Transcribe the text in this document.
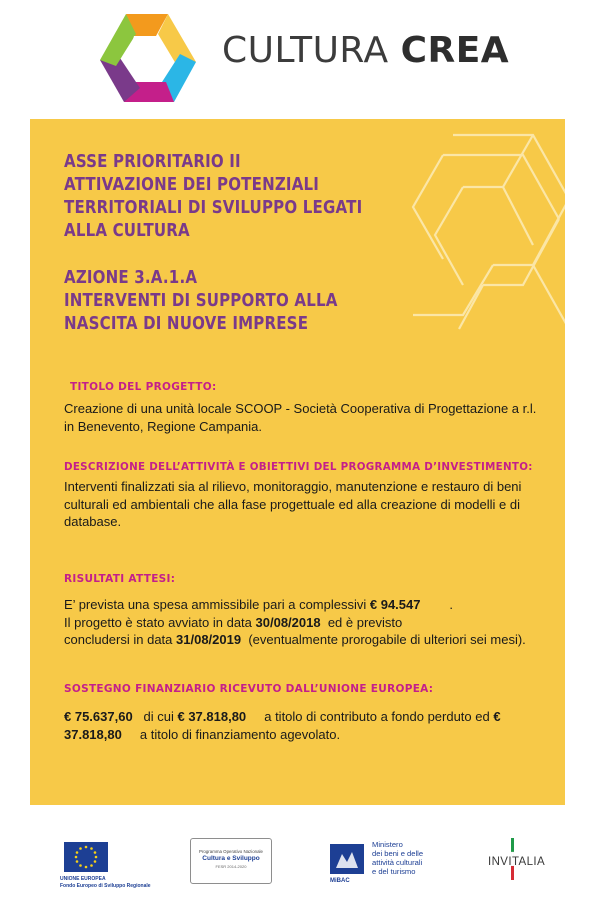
CULTURA CREA
ASSE PRIORITARIO II
ATTIVAZIONE DEI POTENZIALI
TERRITORIALI DI SVILUPPO LEGATI
ALLA CULTURA
AZIONE 3.A.1.A
INTERVENTI DI SUPPORTO ALLA
NASCITA DI NUOVE IMPRESE
TITOLO DEL PROGETTO:
Creazione di una unità locale SCOOP - Società Cooperativa di Progettazione a r.l. in Benevento, Regione Campania.
DESCRIZIONE DELL’ATTIVITÀ E OBIETTIVI DEL PROGRAMMA D’INVESTIMENTO:
Interventi finalizzati sia al rilievo, monitoraggio, manutenzione e restauro di beni culturali ed ambientali che alla fase progettuale ed alla creazione di modelli e di database.
RISULTATI ATTESI:
E’ prevista una spesa ammissibile pari a complessivi € 94.547        .
Il progetto è stato avviato in data 30/08/2018  ed è previsto
concludersi in data 31/08/2019  (eventualmente prorogabile di ulteriori sei mesi).
SOSTEGNO FINANZIARIO RICEVUTO DALL’UNIONE EUROPEA:
€ 75.637,60   di cui € 37.818,80     a titolo di contributo a fondo perduto ed € 37.818,80     a titolo di finanziamento agevolato.
UNIONE EUROPEA
Fondo Europeo di Sviluppo Regionale
Programma Operativo Nazionale
Cultura e Sviluppo
FESR 2014-2020
MiBAC
Ministero
dei beni e delle
attività culturali
e del turismo
INVITALIA
